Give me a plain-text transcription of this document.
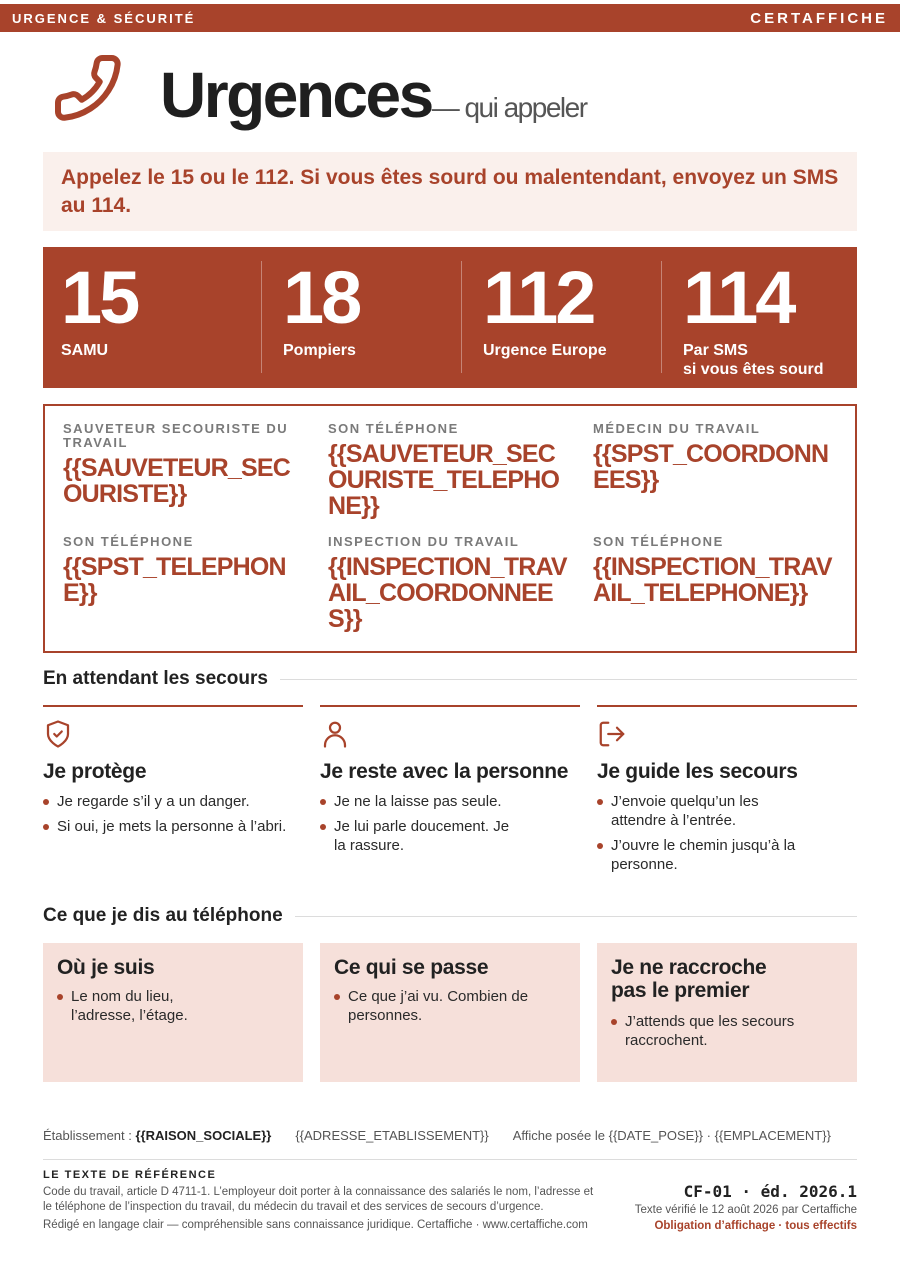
URGENCE & SÉCURITÉ	CERTAFFICHE
Urgences— qui appeler
Appelez le 15 ou le 112. Si vous êtes sourd ou malentendant, envoyez un SMS au 114.
15
SAMU
18
Pompiers
112
Urgence Europe
114
Par SMS
si vous êtes sourd
SAUVETEUR SECOURISTE DU TRAVAIL
{{SAUVETEUR_SECOURISTE}}
SON TÉLÉPHONE
{{SAUVETEUR_SECOURISTE_TELEPHONE}}
MÉDECIN DU TRAVAIL
{{SPST_COORDONNEES}}
SON TÉLÉPHONE
{{SPST_TELEPHONE}}
INSPECTION DU TRAVAIL
{{INSPECTION_TRAVAIL_COORDONNEES}}
SON TÉLÉPHONE
{{INSPECTION_TRAVAIL_TELEPHONE}}
En attendant les secours
Je protège
Je regarde s’il y a un danger.
Si oui, je mets la personne à l’abri.
Je reste avec la personne
Je ne la laisse pas seule.
Je lui parle doucement. Je la rassure.
Je guide les secours
J’envoie quelqu’un les attendre à l’entrée.
J’ouvre le chemin jusqu’à la personne.
Ce que je dis au téléphone
Où je suis
Le nom du lieu, l’adresse, l’étage.
Ce qui se passe
Ce que j’ai vu. Combien de personnes.
Je ne raccroche pas le premier
J’attends que les secours raccrochent.
Établissement : {{RAISON_SOCIALE}} {{ADRESSE_ETABLISSEMENT}} Affiche posée le {{DATE_POSE}} · {{EMPLACEMENT}}
LE TEXTE DE RÉFÉRENCE
Code du travail, article D 4711-1. L’employeur doit porter à la connaissance des salariés le nom, l’adresse et le téléphone de l’inspection du travail, du médecin du travail et des services de secours d’urgence.
Rédigé en langage clair — compréhensible sans connaissance juridique. Certaffiche · www.certaffiche.com
CF-01 · éd. 2026.1
Texte vérifié le 12 août 2026 par Certaffiche
Obligation d’affichage · tous effectifs
